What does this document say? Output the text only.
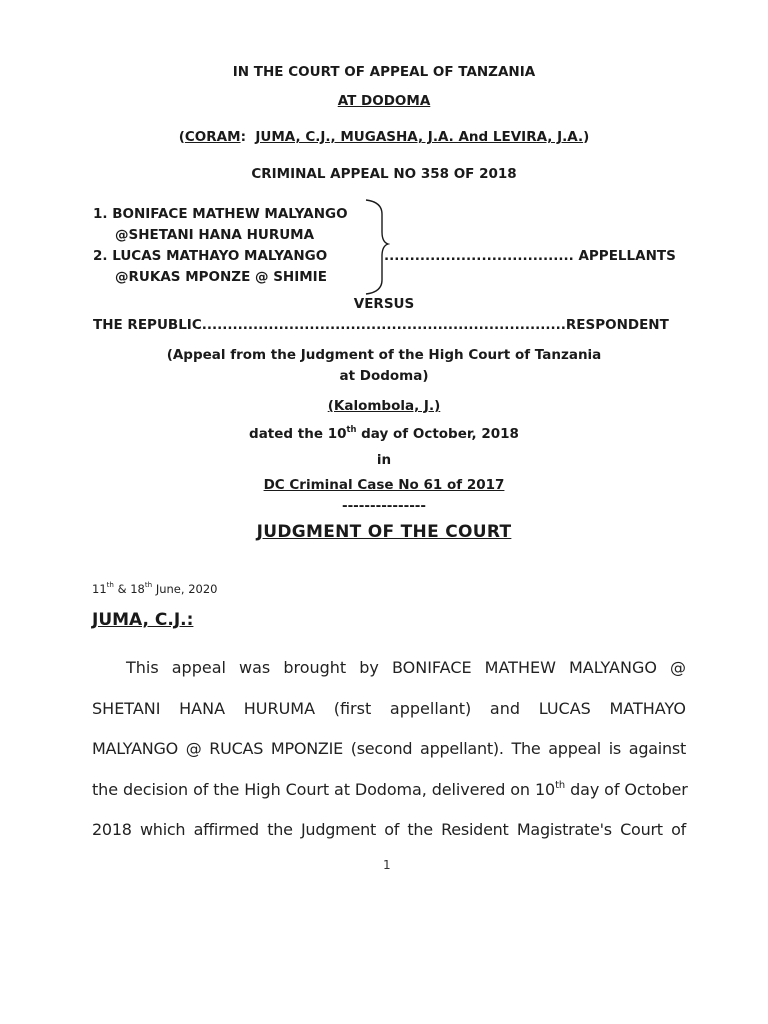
IN THE COURT OF APPEAL OF TANZANIA
AT DODOMA
(CORAM:  JUMA, C.J., MUGASHA, J.A. And LEVIRA, J.A.)
CRIMINAL APPEAL NO 358 OF 2018
1. BONIFACE MATHEW MALYANGO
@SHETANI HANA HURUMA
2. LUCAS MATHAYO MALYANGO
@RUKAS MPONZE @ SHIMIE
..................................... APPELLANTS
VERSUS
THE REPUBLIC.......................................................................RESPONDENT
(Appeal from the Judgment of the High Court of Tanzania
at Dodoma)
(Kalombola, J.)
dated the 10th day of October, 2018
in
DC Criminal Case No 61 of 2017
---------------
JUDGMENT OF THE COURT
11th & 18th June, 2020
JUMA, C.J.:
This appeal was brought by BONIFACE MATHEW MALYANGO @
SHETANI HANA HURUMA (first appellant) and LUCAS MATHAYO
MALYANGO @ RUCAS MPONZIE (second appellant). The appeal is against
the decision of the High Court at Dodoma, delivered on 10th day of October
2018 which affirmed the Judgment of the Resident Magistrate's Court of
1
